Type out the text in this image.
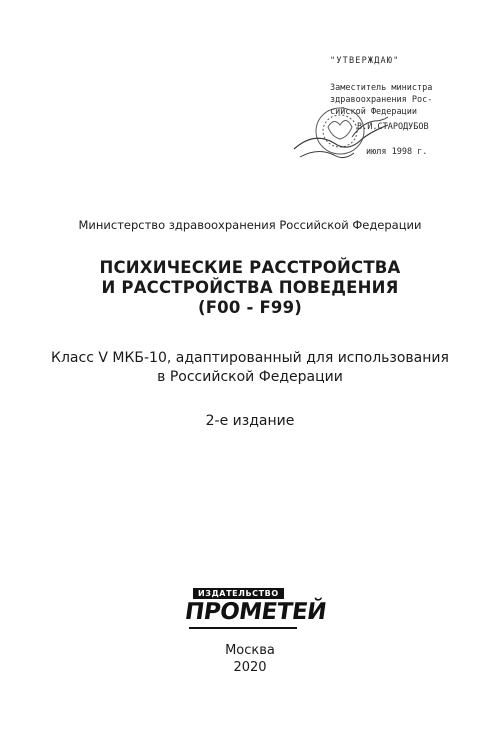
"УТВЕРЖДАЮ"
Заместитель министра
здравоохранения Рос-
сийской Федерации
В.И.СТАРОДУБОВ
июля 1998 г.
Министерство здравоохранения Российской Федерации
ПСИХИЧЕСКИЕ РАССТРОЙСТВА
И РАССТРОЙСТВА ПОВЕДЕНИЯ
(F00 - F99)
Класс V МКБ-10, адаптированный для использования
в Российской Федерации
2-е издание
ИЗДАТЕЛЬСТВО
ПРОМЕТЕЙ
Москва
2020
